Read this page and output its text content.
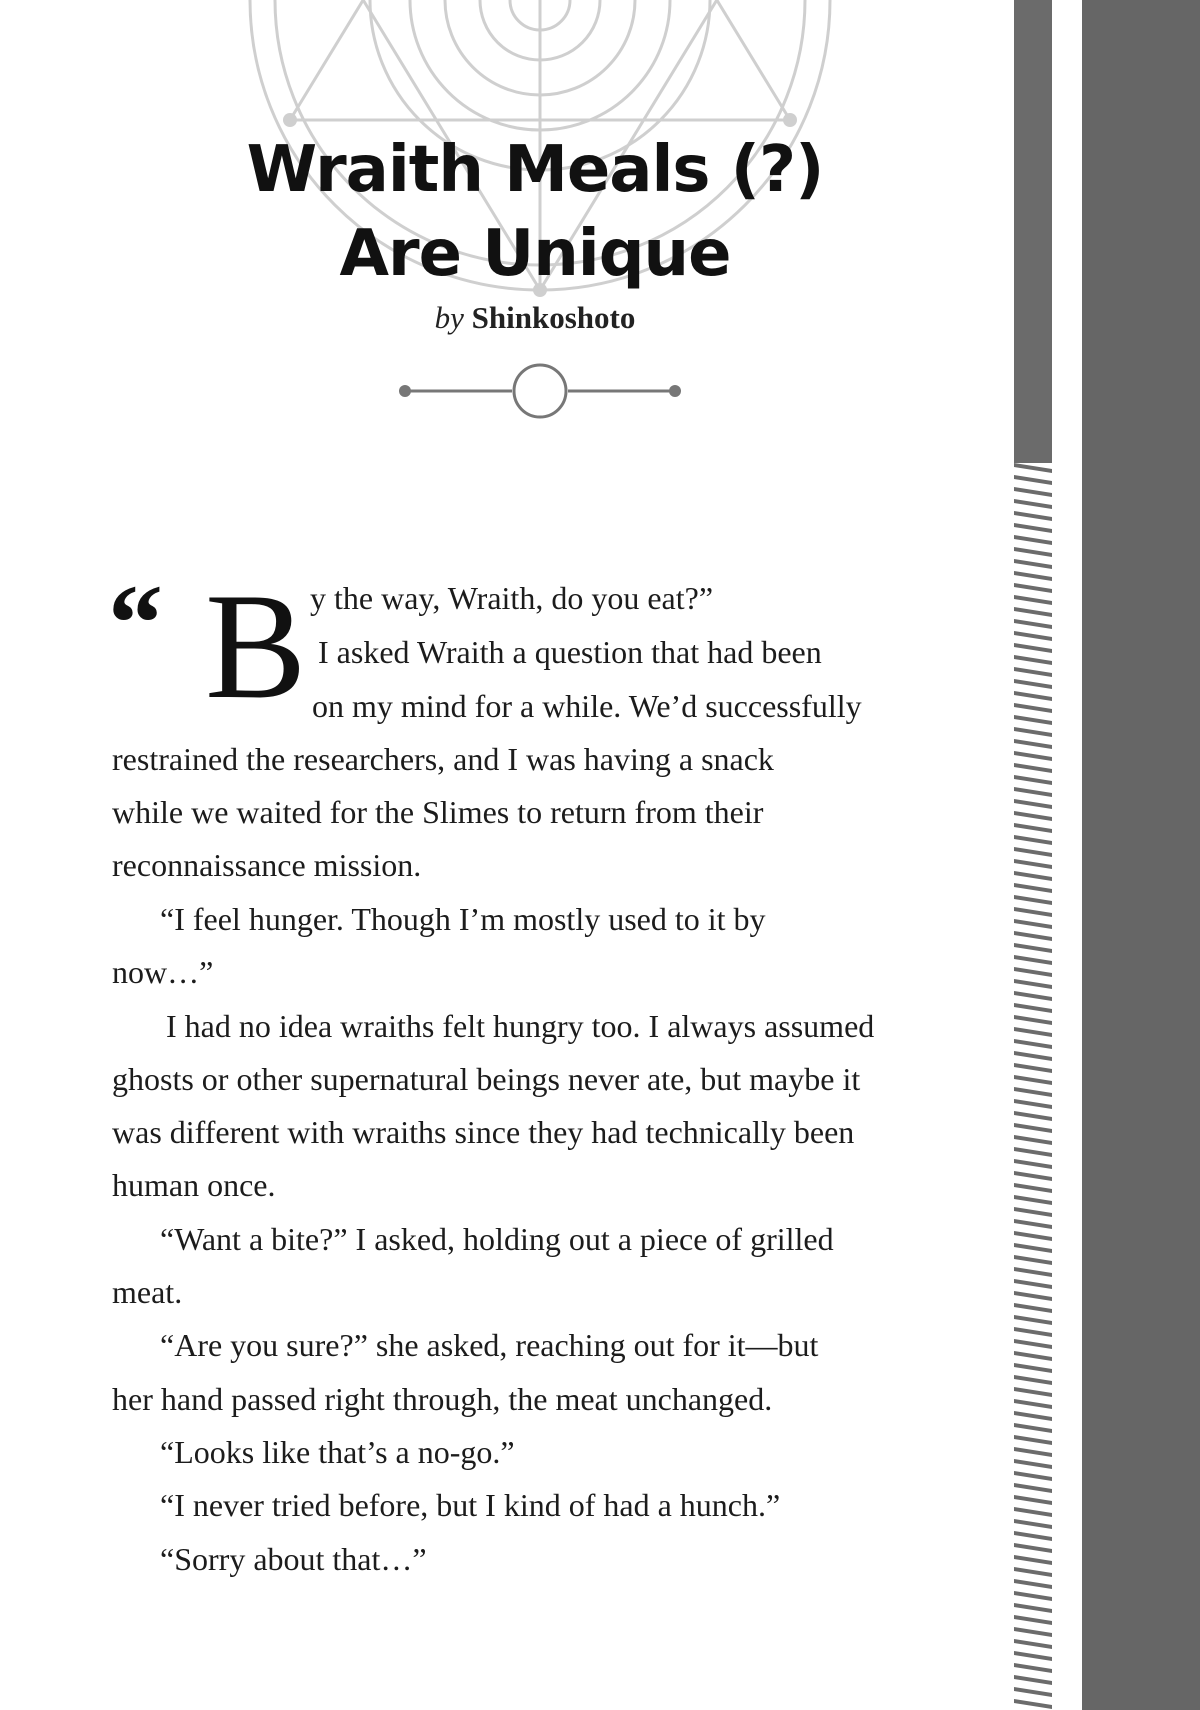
Wraith Meals (?)
Are Unique
by Shinkoshoto
“ B y the way, Wraith, do you eat?”
I asked Wraith a question that had been
on my mind for a while. We’d successfully
restrained the researchers, and I was having a snack
while we waited for the Slimes to return from their
reconnaissance mission.
“I feel hunger. Though I’m mostly used to it by
now…”
I had no idea wraiths felt hungry too. I always assumed
ghosts or other supernatural beings never ate, but maybe it
was different with wraiths since they had technically been
human once.
“Want a bite?” I asked, holding out a piece of grilled
meat.
“Are you sure?” she asked, reaching out for it—but
her hand passed right through, the meat unchanged.
“Looks like that’s a no-go.”
“I never tried before, but I kind of had a hunch.”
“Sorry about that…”
